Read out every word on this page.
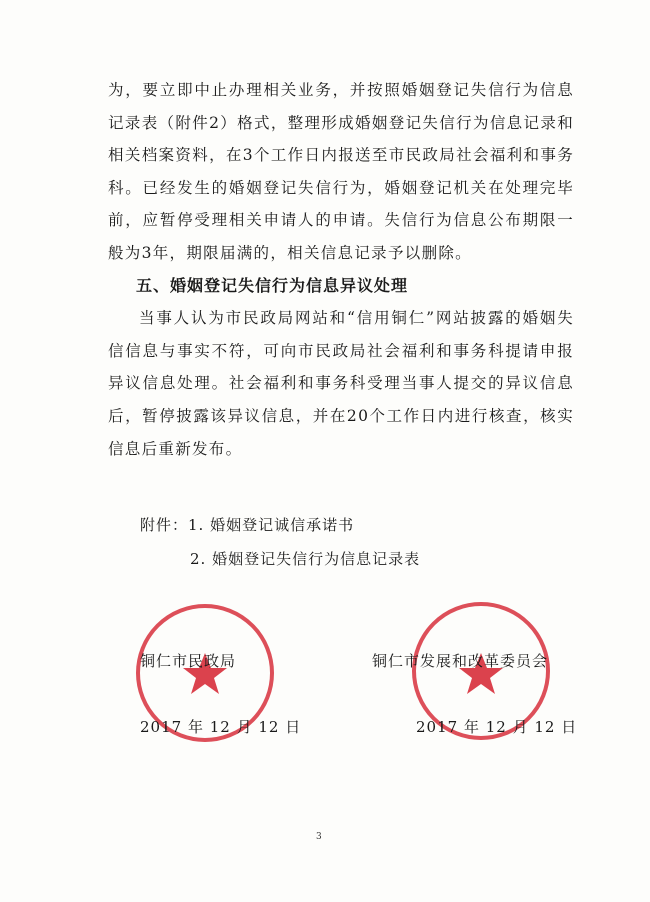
为，要立即中止办理相关业务，并按照婚姻登记失信行为信息记录表（附件2）格式，整理形成婚姻登记失信行为信息记录和相关档案资料，在3个工作日内报送至市民政局社会福利和事务科。已经发生的婚姻登记失信行为，婚姻登记机关在处理完毕前，应暂停受理相关申请人的申请。失信行为信息公布期限一般为3年，期限届满的，相关信息记录予以删除。

五、婚姻登记失信行为信息异议处理

当事人认为市民政局网站和“信用铜仁”网站披露的婚姻失信信息与事实不符，可向市民政局社会福利和事务科提请申报异议信息处理。社会福利和事务科受理当事人提交的异议信息后，暂停披露该异议信息，并在20个工作日内进行核查，核实信息后重新发布。

附件：1. 婚姻登记诚信承诺书
2. 婚姻登记失信行为信息记录表
铜仁市民政局
2017 年 12 月 12 日
铜仁市发展和改革委员会
2017 年 12 月 12 日
3
